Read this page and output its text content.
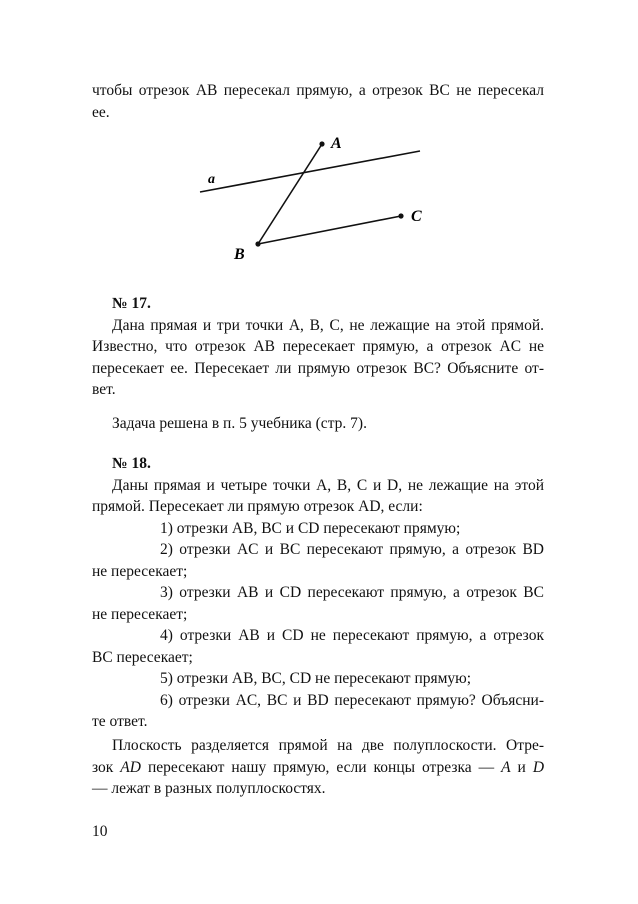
чтобы отрезок AB пересекал прямую, а отрезок BC не пересекал
ее.
a
A
B
C
№ 17.
Дана прямая и три точки A, B, C, не лежащие на этой прямой.
Известно, что отрезок AB пересекает прямую, а отрезок AC не
пересекает ее. Пересекает ли прямую отрезок BC? Объясните от-
вет.
Задача решена в п. 5 учебника (стр. 7).
№ 18.
Даны прямая и четыре точки A, B, C и D, не лежащие на этой
прямой. Пересекает ли прямую отрезок AD, если:
1) отрезки AB, BC и CD пересекают прямую;
2) отрезки AC и BC пересекают прямую, а отрезок BD
не пересекает;
3) отрезки AB и CD пересекают прямую, а отрезок BC
не пересекает;
4) отрезки AB и CD не пересекают прямую, а отрезок
BC пересекает;
5) отрезки AB, BC, CD не пересекают прямую;
6) отрезки AC, BC и BD пересекают прямую? Объясни-
те ответ.
Плоскость разделяется прямой на две полуплоскости. Отре-
зок AD пересекают нашу прямую, если концы отрезка — A и D
— лежат в разных полуплоскостях.
10
